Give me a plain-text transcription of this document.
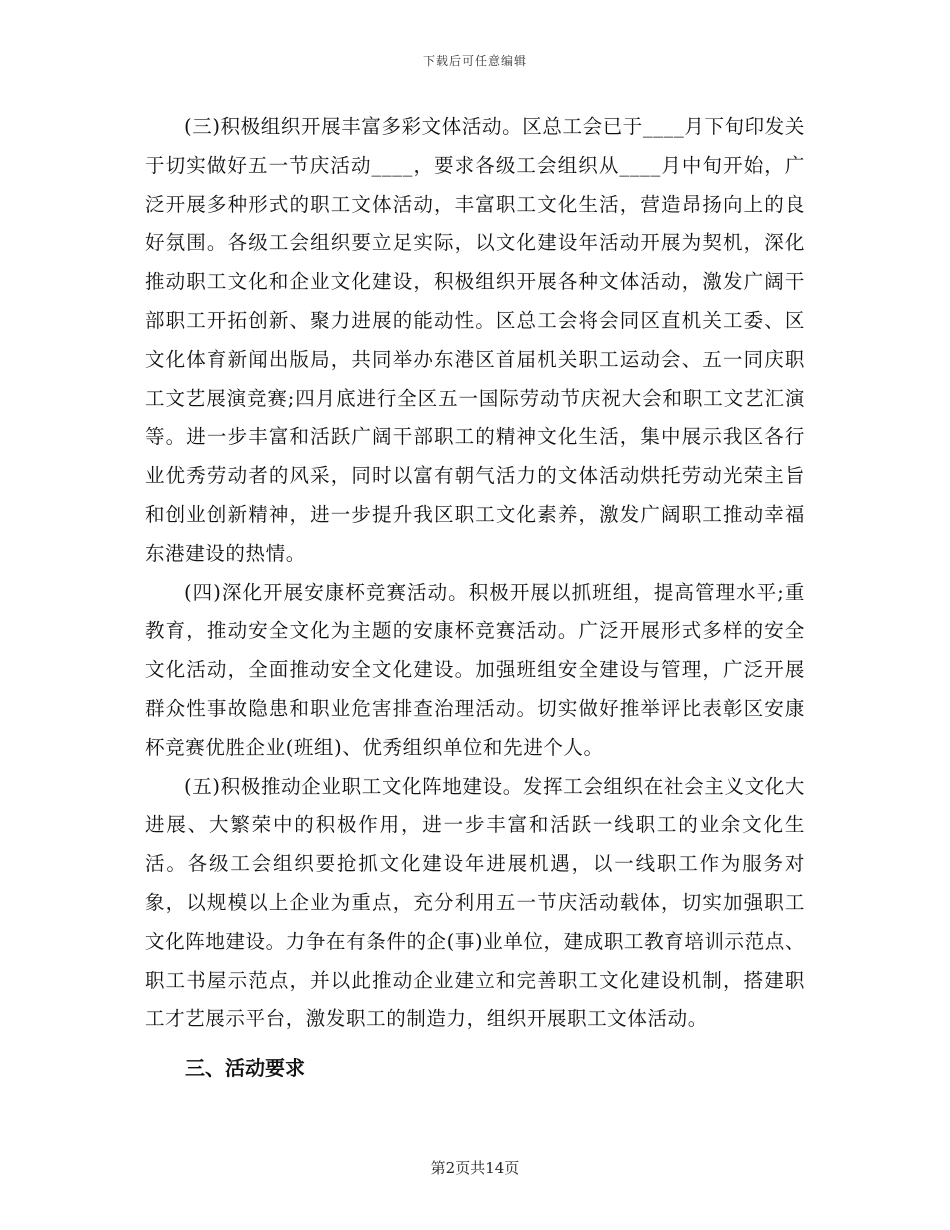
下载后可任意编辑

(三)积极组织开展丰富多彩文体活动。区总工会已于____月下旬印发关于切实做好五一节庆活动____，要求各级工会组织从____月中旬开始，广泛开展多种形式的职工文体活动，丰富职工文化生活，营造昂扬向上的良好氛围。各级工会组织要立足实际，以文化建设年活动开展为契机，深化推动职工文化和企业文化建设，积极组织开展各种文体活动，激发广阔干部职工开拓创新、聚力进展的能动性。区总工会将会同区直机关工委、区文化体育新闻出版局，共同举办东港区首届机关职工运动会、五一同庆职工文艺展演竞赛;四月底进行全区五一国际劳动节庆祝大会和职工文艺汇演等。进一步丰富和活跃广阔干部职工的精神文化生活，集中展示我区各行业优秀劳动者的风采，同时以富有朝气活力的文体活动烘托劳动光荣主旨和创业创新精神，进一步提升我区职工文化素养，激发广阔职工推动幸福东港建设的热情。

(四)深化开展安康杯竞赛活动。积极开展以抓班组，提高管理水平;重教育，推动安全文化为主题的安康杯竞赛活动。广泛开展形式多样的安全文化活动，全面推动安全文化建设。加强班组安全建设与管理，广泛开展群众性事故隐患和职业危害排查治理活动。切实做好推举评比表彰区安康杯竞赛优胜企业(班组)、优秀组织单位和先进个人。

(五)积极推动企业职工文化阵地建设。发挥工会组织在社会主义文化大进展、大繁荣中的积极作用，进一步丰富和活跃一线职工的业余文化生活。各级工会组织要抢抓文化建设年进展机遇，以一线职工作为服务对象，以规模以上企业为重点，充分利用五一节庆活动载体，切实加强职工文化阵地建设。力争在有条件的企(事)业单位，建成职工教育培训示范点、职工书屋示范点，并以此推动企业建立和完善职工文化建设机制，搭建职工才艺展示平台，激发职工的制造力，组织开展职工文体活动。

三、活动要求

第2页共14页
